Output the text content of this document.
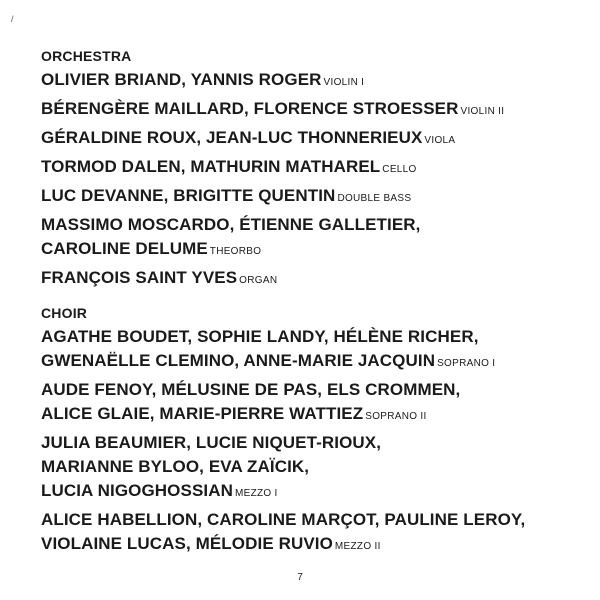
/
ORCHESTRA
OLIVIER BRIAND, YANNIS ROGER VIOLIN I
BÉRENGÈRE MAILLARD, FLORENCE STROESSER VIOLIN II
GÉRALDINE ROUX, JEAN-LUC THONNERIEUX VIOLA
TORMOD DALEN, MATHURIN MATHAREL CELLO
LUC DEVANNE, BRIGITTE QUENTIN DOUBLE BASS
MASSIMO MOSCARDO, ÉTIENNE GALLETIER,
CAROLINE DELUME THEORBO
FRANÇOIS SAINT YVES ORGAN
CHOIR
AGATHE BOUDET, SOPHIE LANDY, HÉLÈNE RICHER,
GWENAËLLE CLEMINO, ANNE-MARIE JACQUIN SOPRANO I
AUDE FENOY, MÉLUSINE DE PAS, ELS CROMMEN,
ALICE GLAIE, MARIE-PIERRE WATTIEZ SOPRANO II
JULIA BEAUMIER, LUCIE NIQUET-RIOUX,
MARIANNE BYLOO, EVA ZAÏCIK,
LUCIA NIGOGHOSSIAN MEZZO I
ALICE HABELLION, CAROLINE MARÇOT, PAULINE LEROY,
VIOLAINE LUCAS, MÉLODIE RUVIO MEZZO II
7
